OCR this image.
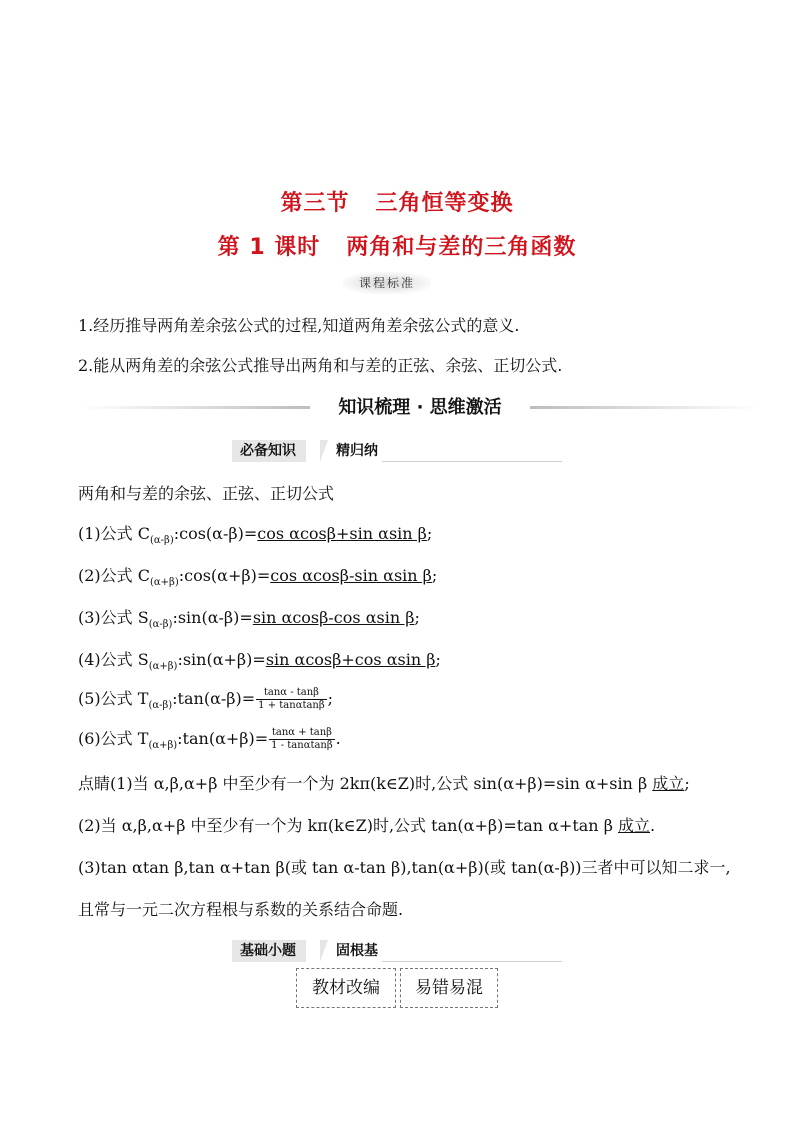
第三节 三角恒等变换
第 1 课时 两角和与差的三角函数
课程标准
1.经历推导两角差余弦公式的过程,知道两角差余弦公式的意义.
2.能从两角差的余弦公式推导出两角和与差的正弦、余弦、正切公式.
知识梳理 · 思维激活
必备知识	精归纳
两角和与差的余弦、正弦、正切公式
(1)公式 $C_{(\alpha-\beta)}:\cos(\alpha-\beta)=\cos$ αcosβ+sin αsin β;
(2)公式 $C_{(\alpha+\beta)}:\cos(\alpha+\beta)=\cos$ αcosβ-sin αsin β;
(3)公式 $S_{(\alpha-\beta)}:\sin(\alpha-\beta)=\sin$ αcosβ-cos αsin β;
(4)公式 $S_{(\alpha+\beta)}:\sin(\alpha+\beta)=\sin$ αcosβ+cos αsin β;
(5)公式 $T_{(\alpha-\beta)}:\tan(\alpha-\beta)= \frac{\tan\alpha - \tan\beta}{1 + \tan\alpha\tan\beta}$ ;
(6)公式 $T_{(\alpha+\beta)}:\tan(\alpha+\beta)= \frac{\tan\alpha + \tan\beta}{1 - \tan\alpha\tan\beta}$ .
点睛(1)当 α,β,α+β 中至少有一个为 2kπ(k∈Z)时,公式 sin(α+β)=sin α+sin β 成立;
(2)当 α,β,α+β 中至少有一个为 kπ(k∈Z)时,公式 tan(α+β)=tan α+tan β 成立.
(3)tan αtan β,tan α+tan β(或 tan α-tan β),tan(α+β)(或 tan(α-β))三者中可以知二求一,
且常与一元二次方程根与系数的关系结合命题.
基础小题	固根基
教材改编	易错易混
